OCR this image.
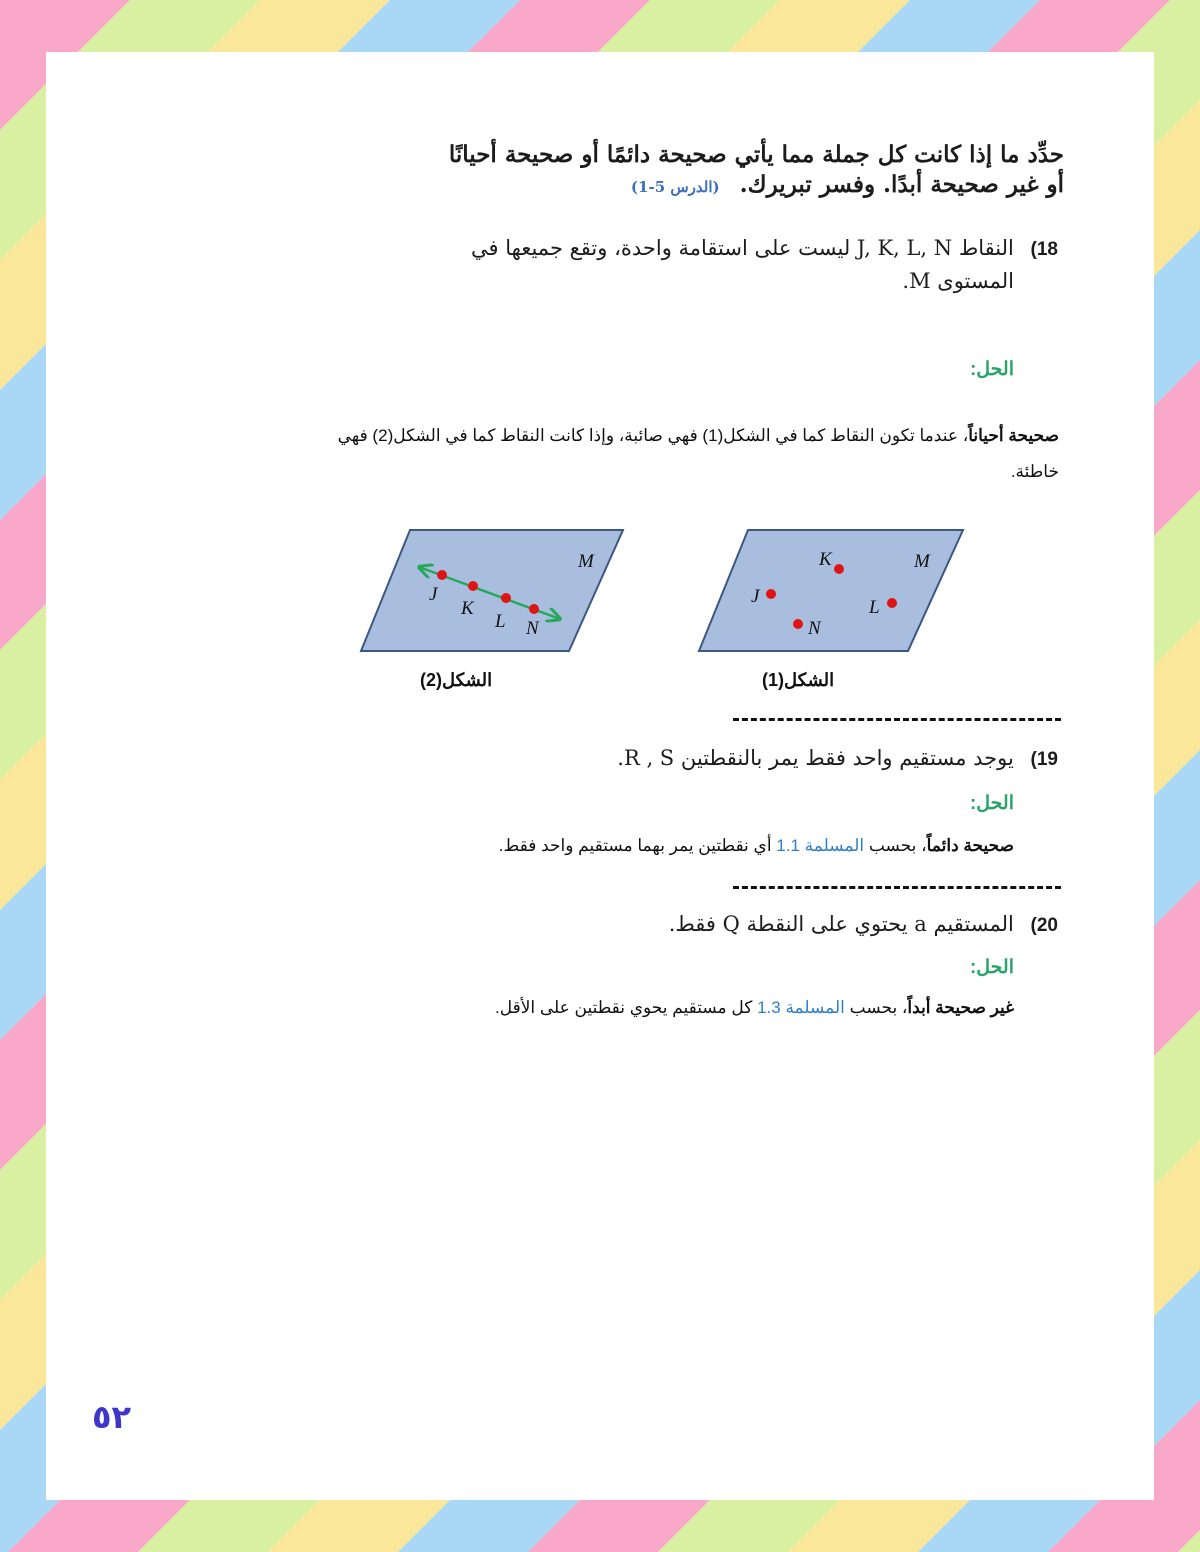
حدِّد ما إذا كانت كل جملة مما يأتي صحيحة دائمًا أو صحيحة أحيانًا
أو غير صحيحة أبدًا. وفسر تبريرك. (الدرس 5-1)
18) النقاط J, K, L, N ليست على استقامة واحدة، وتقع جميعها في
المستوى M.
الحل:
صحيحة أحياناً، عندما تكون النقاط كما في الشكل(1) فهي صائبة، وإذا كانت النقاط كما في الشكل(2) فهي
خاطئة.
M
J
K
L N
M
K
J
L
N
الشكل(2)	الشكل(1)
19) يوجد مستقيم واحد فقط يمر بالنقطتين R , S.
الحل:
صحيحة دائماً، بحسب المسلمة 1.1 أي نقطتين يمر بهما مستقيم واحد فقط.
20) المستقيم a يحتوي على النقطة Q فقط.
الحل:
غير صحيحة أبداً، بحسب المسلمة 1.3 كل مستقيم يحوي نقطتين على الأقل.
٥٢
